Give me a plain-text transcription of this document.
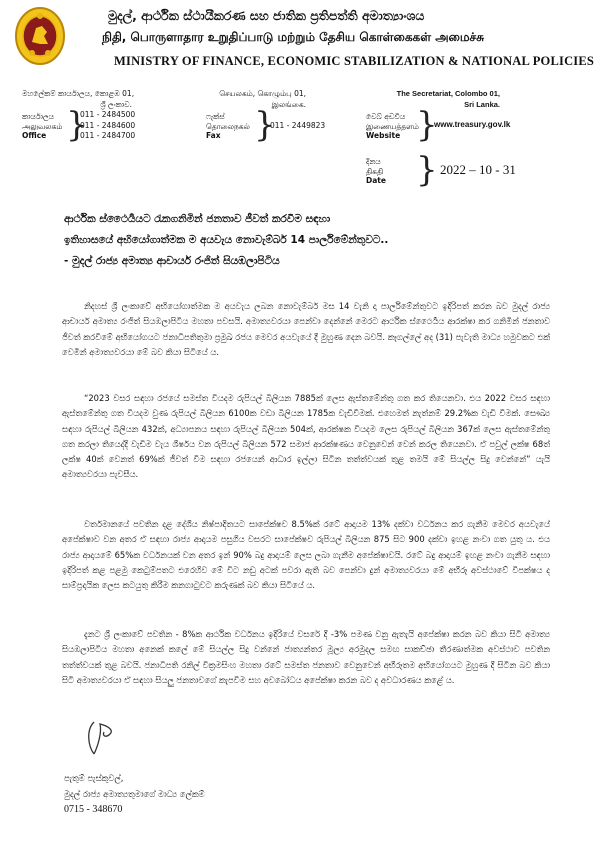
මුදල්, ආර්ථික ස්ථායීකරණ සහ ජාතික ප්‍රතිපත්ති අමාත්‍යාංශය
நிதி, பொருளாதார உறுதிப்பாடு மற்றும் தேசிய கொள்கைகள் அமைச்சு
MINISTRY OF FINANCE, ECONOMIC STABILIZATION & NATIONAL POLICIES
මහලේකම් කාර්යාලය, කොළඹ 01,
ශ්‍රී ලංකාව.
செயலகம், கொழும்பு 01,
இலங்கை.
The Secretariat, Colombo 01,
Sri Lanka.
කාර්යාලය
அலுவலகம்
Office }
011 - 2484500
011 - 2484600
011 - 2484700
ෆැක්ස්
தொலைநகல்
Fax }
011 - 2449823
වෙබ් අඩවිය
இணையத்தளம்
Website }
www.treasury.gov.lk
දිනය
திகதி
Date } 2022 – 10 - 31
ආර්ථික ස්ථෛර්‍යයට රැකගනිමින් ජනතාව ජීවත් කරවීම සඳහා
ඉතිහාසයේ අභියෝගාත්මක ම අයවැය නොවැම්බර් 14 පාර්ලිමේන්තුවට..
- මුදල් රාජ්‍ය අමාත්‍ය ආචාර්ය රංජිත් සියඹලාපිටිය

නිදහස් ශ්‍රී ලංකාවේ අභියෝගාත්මක ම අයවැය ලබන නොවැම්බර් මස 14 වැනි දා පාර්ලිමේන්තුවට ඉදිරිපත් කරන බව මුදල් රාජ්‍ය ආචාර්ය අමාත්‍ය රංජිත් සියඹලාපිටිය මහතා පවසයි. අමාත්‍යවරයා පෙන්වා දෙන්නේ මෙරට ආර්ථික ස්ථෛර්‍යය ආරක්ෂා කර ගනිමින් ජනතාව ජීවත් කරවීමේ අභියෝගයට ජනාධිපතිතුමා ප්‍රමුඛ රජය මෙවර අයවැයේ දී මුහුණ දෙන බවයි. කෑගල්ලේ අද (31) පැවැති මාධ්‍ය හමුවකට එක් වෙමින් අමාත්‍යවරයා මේ බව කියා සිටියේ ය.

“2023 වසර සඳහා රජයේ සමස්ත වියදම රුපියල් බිලියන 7885ක් ලෙස ඇස්තමේන්තු ගත කර තියෙනවා. එය 2022 වසර සඳහා ඇස්තමේන්තු ගත වියදම වුණ රුපියල් බිලියන 6100ක වඩා බිලියන 1785ක වැඩිවීමක්. එහෙමත් නැත්නම් 29.2%ක වැඩි වීමක්. සෞඛ්‍ය සඳහා රුපියල් බිලියන 432ක්, අධ්‍යාපනය සඳහා රුපියල් බිලියන 504ක්, ආරක්ෂක වියදම ලෙස රුපියල් බිලියන 367ක් ලෙස ඇස්තමේන්තු ගත කරලා තියෙද්දි වැඩිම වැය ශීර්ෂය වන රුපියල් බිලියන 572 සමාජ ආරක්ෂණය වෙනුවෙන් වෙන් කරල තියෙනවා. ඒ පවුල් ලක්ෂ 68ත් ලක්ෂ 40ක් වෙනත් 69%ක් ජීවත් වීම සඳහා රජයෙන් ආධාර ඉල්ලා සිටින තත්ත්වයක් තුළ තමයි මේ සියල්ල සිදු වෙන්නේ” යැයි අමාත්‍යවරයා පැවසීය.

වර්තමානයේ පවතින දළ දේශීය නිෂ්පාදිතයට සාපේක්ෂව 8.5%ක් රටේ ආදායම 13% දක්වා වර්ධනය කර ගැනීම මෙවර අයවැයේ අපේක්ෂාව වන අතර ඒ සඳහා රාජ්‍ය ආදායම පසුගිය වසරට සාපේක්ෂව රුපියල් බිලියන 875 සිට 900 දක්වා ඉහළ නංවා ගත යුතු ය. එය රාජ්‍ය ආදායමේ 65%ක වර්ධනයක් වන අතර ඉන් 90% බදු ආදායම් ලෙස ලබා ගැනීම අපේක්ෂාවයි. රටේ බදු ආදායම් ඉහළ නංවා ගැනීම සඳහා ඉදිරිපත් කළ පළමු කෙටුම්පතට එරෙහිව මේ විට නඩු අටක් පවරා ඇති බව පෙන්වා දුන් අමාත්‍යවරයා මේ අභීරූ අවස්ථාවේ විපක්ෂය ද සාම්ප්‍රදායික ලෙස කටයුතු කිරීම කනගාටුවට කරුණක් බව කියා සිටියේ ය.

දැනට ශ්‍රී ලංකාවේ පවතින - 8%ක ආර්ථික වර්ධනය ඉදිරියේ වසරේ දී -3% පමණ වනු ඇතැයි අපේක්ෂා කරන බව කියා සිටි අමාත්‍ය සියඹලාපිටිය මහතා අනෙක් කලේ මේ සියල්ල සිදු වන්නේ ජාත්‍යන්තර මූල්‍ය අරමුදල සමඟ සාකච්ඡා තීරණාත්මක අවස්ථාව පවතින තත්ත්වයක් තුළ බවයි. ජනාධිපති රනිල් වික්‍රමසිංහ මහතා රටේ සමස්ත ජනතාව වෙනුවෙන් අභීරූතම අභියෝගයට මුහුණ දී සිටින බව කියා සිටි අමාත්‍යවරයා ඒ සඳහා සියලු ජනතාවගේ කැපවීම සහ අවබෝධය අපේක්ෂා කරන බව ද අවධාරණය කළේ ය.

පැතුම් පැස්කුවල්,
මුදල් රාජ්‍ය අමාත්‍යතුමාගේ මාධ්‍ය ලේකම්
0715 - 348670
